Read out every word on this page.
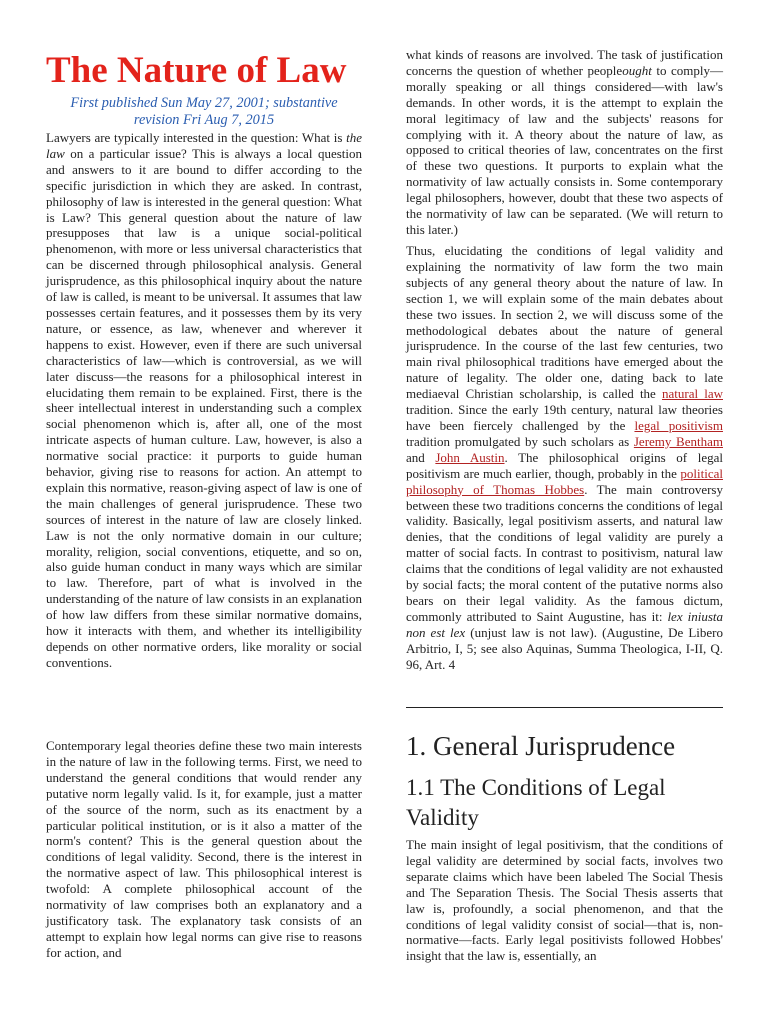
The Nature of Law

First published Sun May 27, 2001; substantive revision Fri Aug 7, 2015

Lawyers are typically interested in the question: What is the law on a particular issue? This is always a local question and answers to it are bound to differ according to the specific jurisdiction in which they are asked. In contrast, philosophy of law is interested in the general question: What is Law? This general question about the nature of law presupposes that law is a unique social-political phenomenon, with more or less universal characteristics that can be discerned through philosophical analysis. General jurisprudence, as this philosophical inquiry about the nature of law is called, is meant to be universal. It assumes that law possesses certain features, and it possesses them by its very nature, or essence, as law, whenever and wherever it happens to exist. However, even if there are such universal characteristics of law—which is controversial, as we will later discuss—the reasons for a philosophical interest in elucidating them remain to be explained. First, there is the sheer intellectual interest in understanding such a complex social phenomenon which is, after all, one of the most intricate aspects of human culture. Law, however, is also a normative social practice: it purports to guide human behavior, giving rise to reasons for action. An attempt to explain this normative, reason-giving aspect of law is one of the main challenges of general jurisprudence. These two sources of interest in the nature of law are closely linked. Law is not the only normative domain in our culture; morality, religion, social conventions, etiquette, and so on, also guide human conduct in many ways which are similar to law. Therefore, part of what is involved in the understanding of the nature of law consists in an explanation of how law differs from these similar normative domains, how it interacts with them, and whether its intelligibility depends on other normative orders, like morality or social conventions.

Contemporary legal theories define these two main interests in the nature of law in the following terms. First, we need to understand the general conditions that would render any putative norm legally valid. Is it, for example, just a matter of the source of the norm, such as its enactment by a particular political institution, or is it also a matter of the norm's content? This is the general question about the conditions of legal validity. Second, there is the interest in the normative aspect of law. This philosophical interest is twofold: A complete philosophical account of the normativity of law comprises both an explanatory and a justificatory task. The explanatory task consists of an attempt to explain how legal norms can give rise to reasons for action, and

what kinds of reasons are involved. The task of justification concerns the question of whether peopleought to comply—morally speaking or all things considered—with law's demands. In other words, it is the attempt to explain the moral legitimacy of law and the subjects' reasons for complying with it. A theory about the nature of law, as opposed to critical theories of law, concentrates on the first of these two questions. It purports to explain what the normativity of law actually consists in. Some contemporary legal philosophers, however, doubt that these two aspects of the normativity of law can be separated. (We will return to this later.)

Thus, elucidating the conditions of legal validity and explaining the normativity of law form the two main subjects of any general theory about the nature of law. In section 1, we will explain some of the main debates about these two issues. In section 2, we will discuss some of the methodological debates about the nature of general jurisprudence. In the course of the last few centuries, two main rival philosophical traditions have emerged about the nature of legality. The older one, dating back to late mediaeval Christian scholarship, is called the natural law tradition. Since the early 19th century, natural law theories have been fiercely challenged by the legal positivism tradition promulgated by such scholars as Jeremy Bentham and John Austin. The philosophical origins of legal positivism are much earlier, though, probably in the political philosophy of Thomas Hobbes. The main controversy between these two traditions concerns the conditions of legal validity. Basically, legal positivism asserts, and natural law denies, that the conditions of legal validity are purely a matter of social facts. In contrast to positivism, natural law claims that the conditions of legal validity are not exhausted by social facts; the moral content of the putative norms also bears on their legal validity. As the famous dictum, commonly attributed to Saint Augustine, has it: lex iniusta non est lex (unjust law is not law). (Augustine, De Libero Arbitrio, I, 5; see also Aquinas, Summa Theologica, I-II, Q. 96, Art. 4

1. General Jurisprudence
1.1 The Conditions of Legal Validity

The main insight of legal positivism, that the conditions of legal validity are determined by social facts, involves two separate claims which have been labeled The Social Thesis and The Separation Thesis. The Social Thesis asserts that law is, profoundly, a social phenomenon, and that the conditions of legal validity consist of social—that is, non-normative—facts. Early legal positivists followed Hobbes' insight that the law is, essentially, an
